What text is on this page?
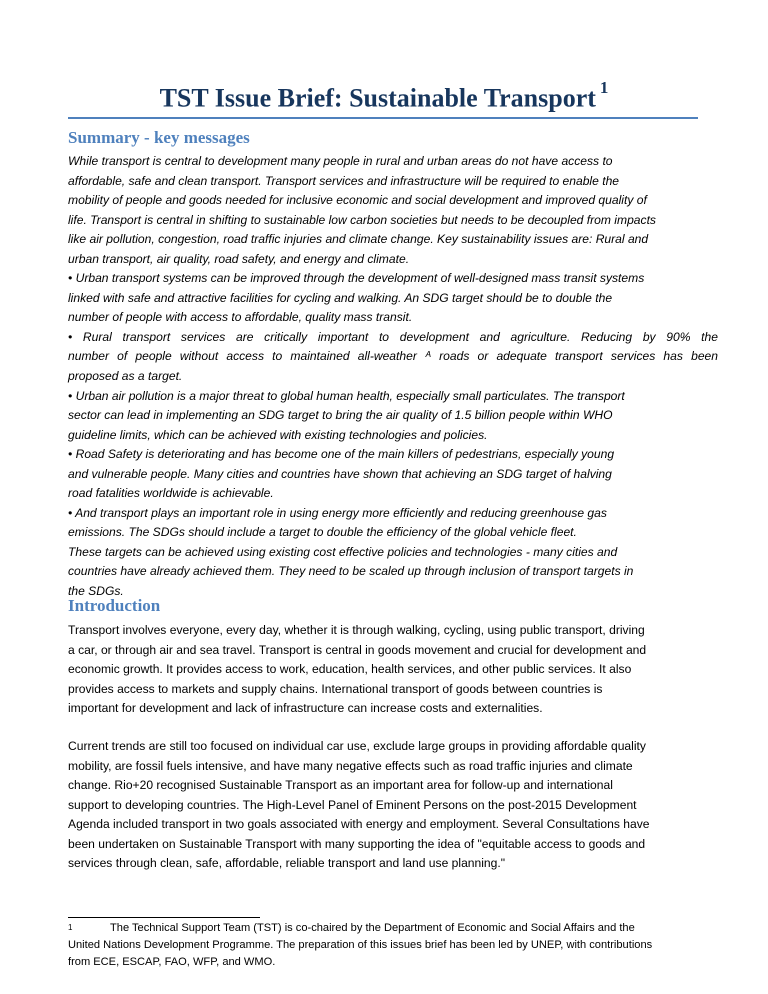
TST Issue Brief: Sustainable Transport $^1$
Summary - key messages

While transport is central to development many people in rural and urban areas do not have access to

affordable, safe and clean transport. Transport services and infrastructure will be required to enable the

mobility of people and goods needed for inclusive economic and social development and improved quality of

life. Transport is central in shifting to sustainable low carbon societies but needs to be decoupled from impacts

like air pollution, congestion, road traffic injuries and climate change. Key sustainability issues are: Rural and

urban transport, air quality, road safety, and energy and climate.

• Urban transport systems can be improved through the development of well-designed mass transit systems

linked with safe and attractive facilities for cycling and walking. An SDG target should be to double the

number of people with access to affordable, quality mass transit.

• Rural transport services are critically important to development and agriculture. Reducing by 90% the

number of people without access to maintained all-weather ᴬ roads or adequate transport services has been

proposed as a target.

• Urban air pollution is a major threat to global human health, especially small particulates. The transport

sector can lead in implementing an SDG target to bring the air quality of 1.5 billion people within WHO

guideline limits, which can be achieved with existing technologies and policies.

• Road Safety is deteriorating and has become one of the main killers of pedestrians, especially young

and vulnerable people. Many cities and countries have shown that achieving an SDG target of halving

road fatalities worldwide is achievable.

• And transport plays an important role in using energy more efficiently and reducing greenhouse gas

emissions. The SDGs should include a target to double the efficiency of the global vehicle fleet.

These targets can be achieved using existing cost effective policies and technologies - many cities and

countries have already achieved them. They need to be scaled up through inclusion of transport targets in

the SDGs.

Introduction

Transport involves everyone, every day, whether it is through walking, cycling, using public transport, driving

a car, or through air and sea travel. Transport is central in goods movement and crucial for development and

economic growth. It provides access to work, education, health services, and other public services. It also

provides access to markets and supply chains. International transport of goods between countries is

important for development and lack of infrastructure can increase costs and externalities.

Current trends are still too focused on individual car use, exclude large groups in providing affordable quality

mobility, are fossil fuels intensive, and have many negative effects such as road traffic injuries and climate

change. Rio+20 recognised Sustainable Transport as an important area for follow-up and international

support to developing countries. The High-Level Panel of Eminent Persons on the post-2015 Development

Agenda included transport in two goals associated with energy and employment. Several Consultations have

been undertaken on Sustainable Transport with many supporting the idea of "equitable access to goods and

services through clean, safe, affordable, reliable transport and land use planning."

1	The Technical Support Team (TST) is co-chaired by the Department of Economic and Social Affairs and the

United Nations Development Programme. The preparation of this issues brief has been led by UNEP, with contributions

from ECE, ESCAP, FAO, WFP, and WMO.
